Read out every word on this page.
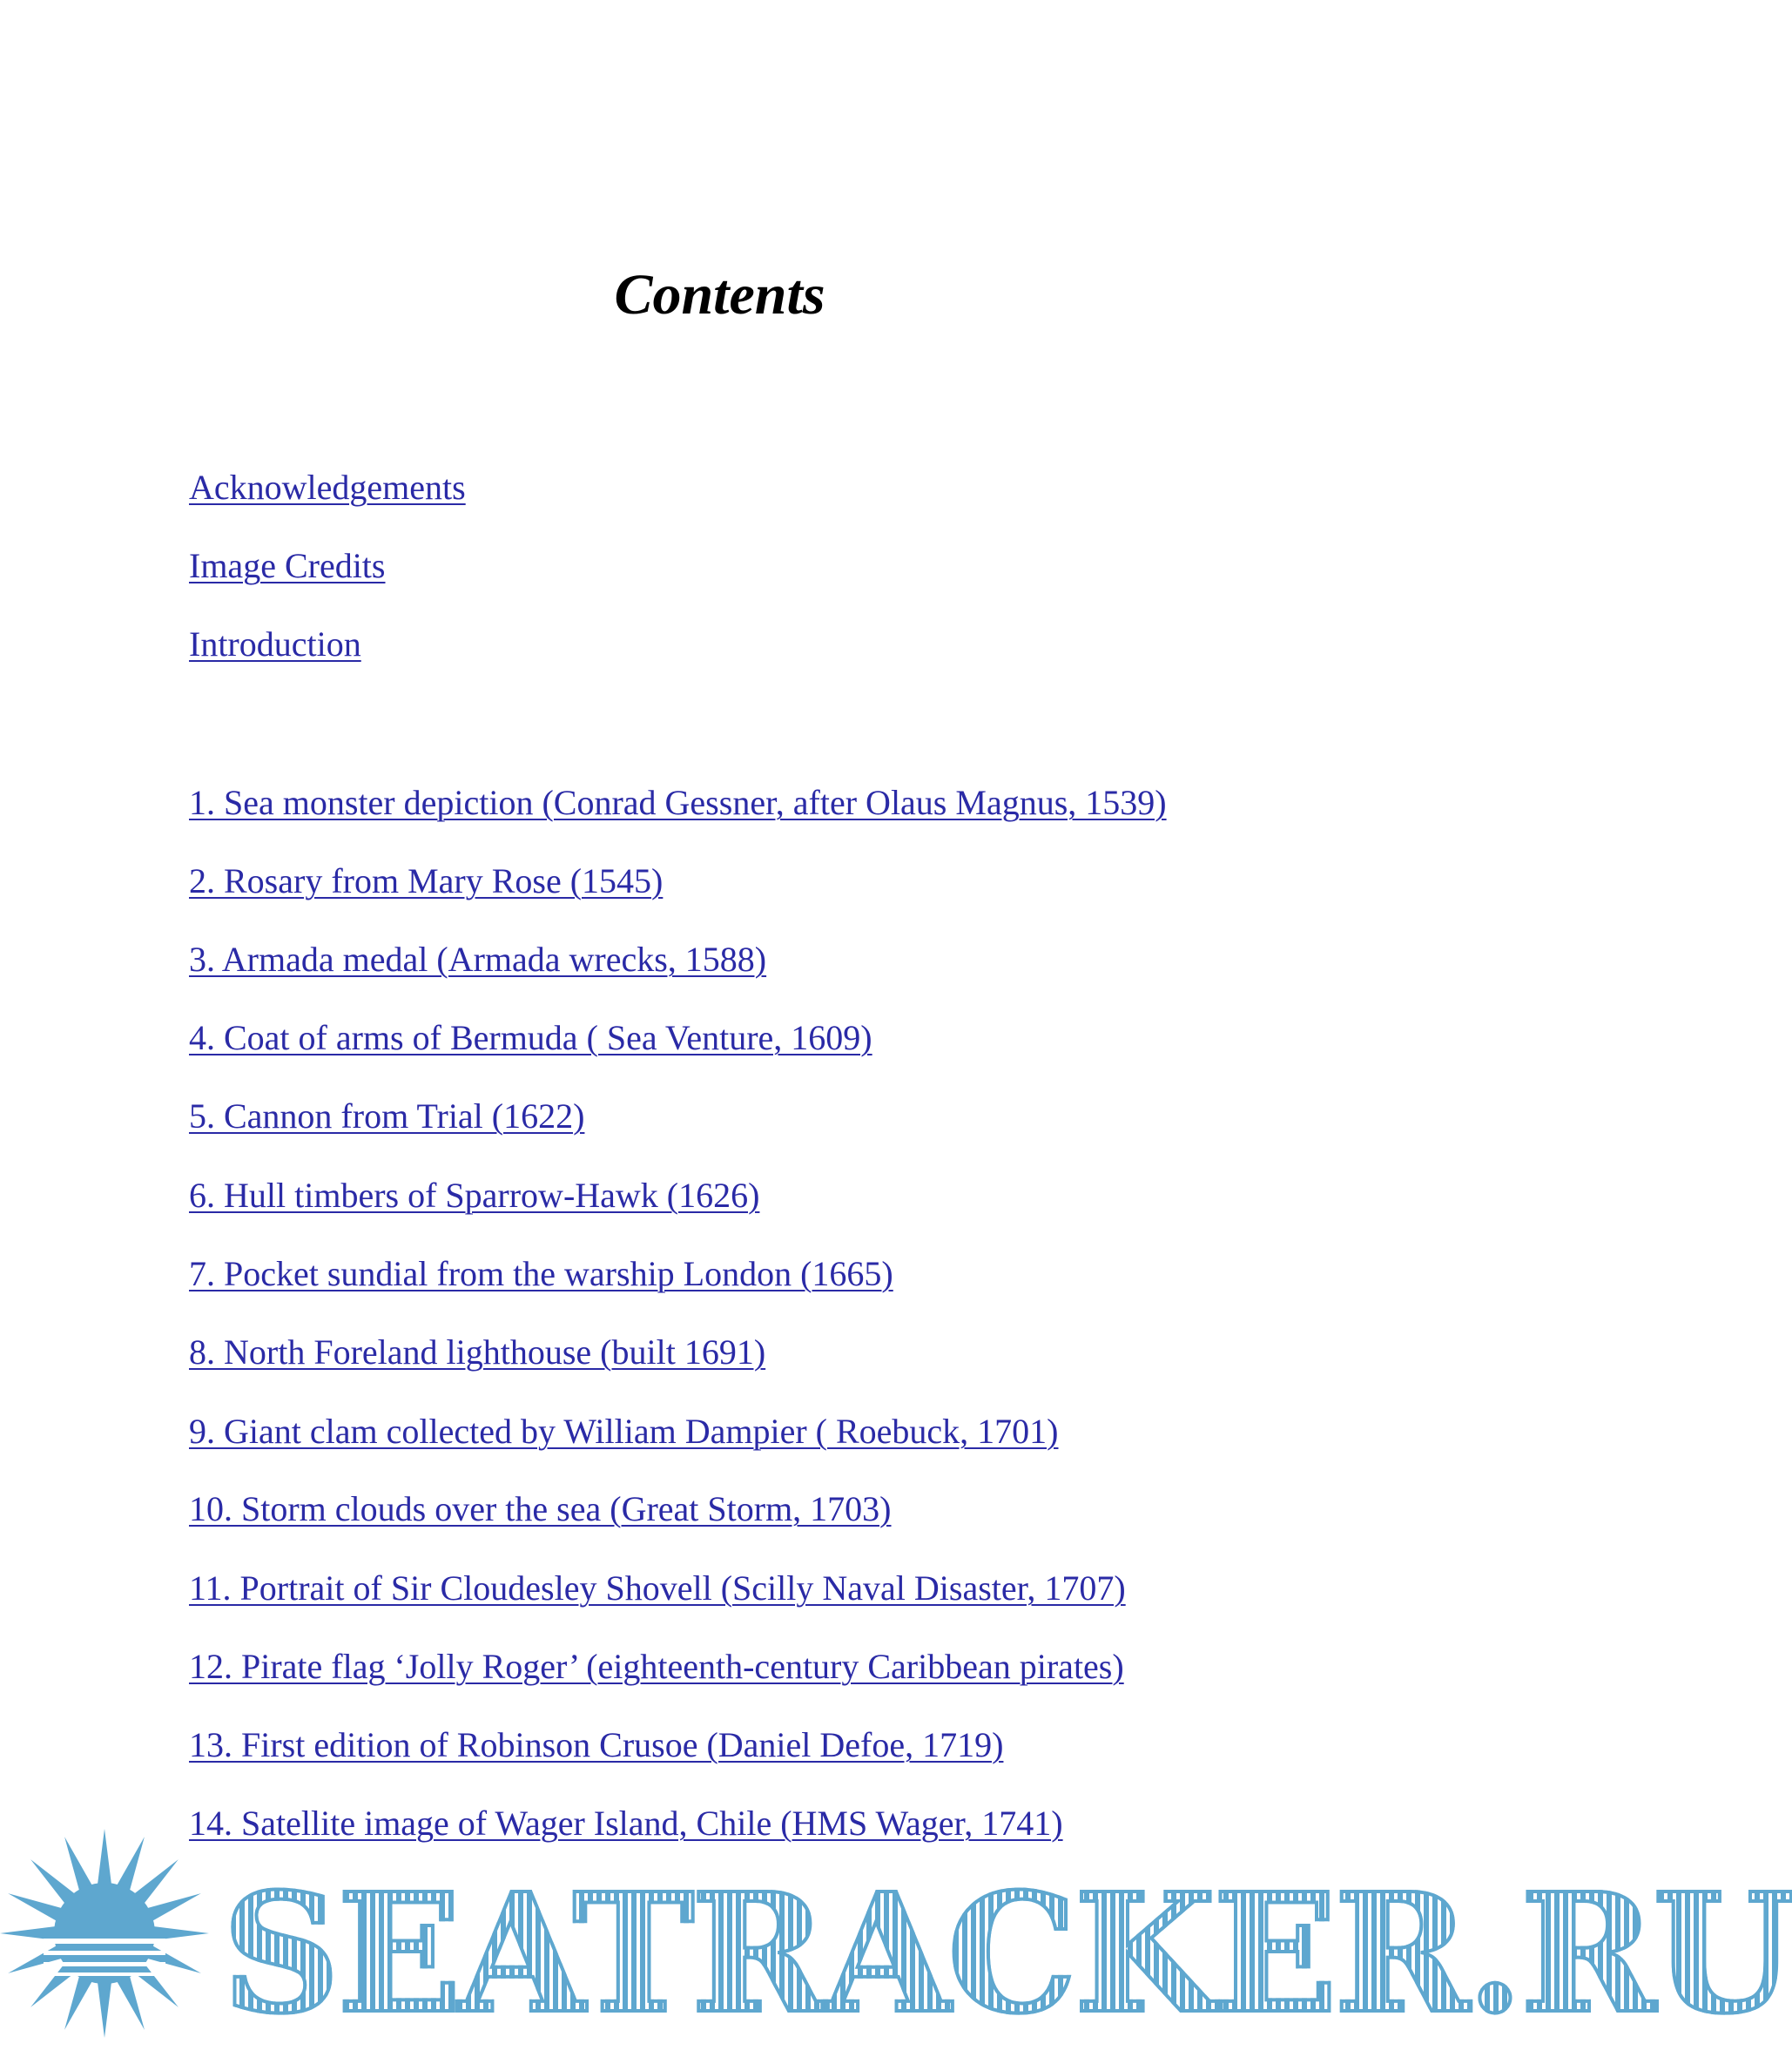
Contents
Acknowledgements
Image Credits
Introduction
1. Sea monster depiction (Conrad Gessner, after Olaus Magnus, 1539)
2. Rosary from Mary Rose (1545)
3. Armada medal (Armada wrecks, 1588)
4. Coat of arms of Bermuda ( Sea Venture, 1609)
5. Cannon from Trial (1622)
6. Hull timbers of Sparrow-Hawk (1626)
7. Pocket sundial from the warship London (1665)
8. North Foreland lighthouse (built 1691)
9. Giant clam collected by William Dampier ( Roebuck, 1701)
10. Storm clouds over the sea (Great Storm, 1703)
11. Portrait of Sir Cloudesley Shovell (Scilly Naval Disaster, 1707)
12. Pirate flag ‘Jolly Roger’ (eighteenth-century Caribbean pirates)
13. First edition of Robinson Crusoe (Daniel Defoe, 1719)
14. Satellite image of Wager Island, Chile (HMS Wager, 1741)
SEATRACKER.RU
